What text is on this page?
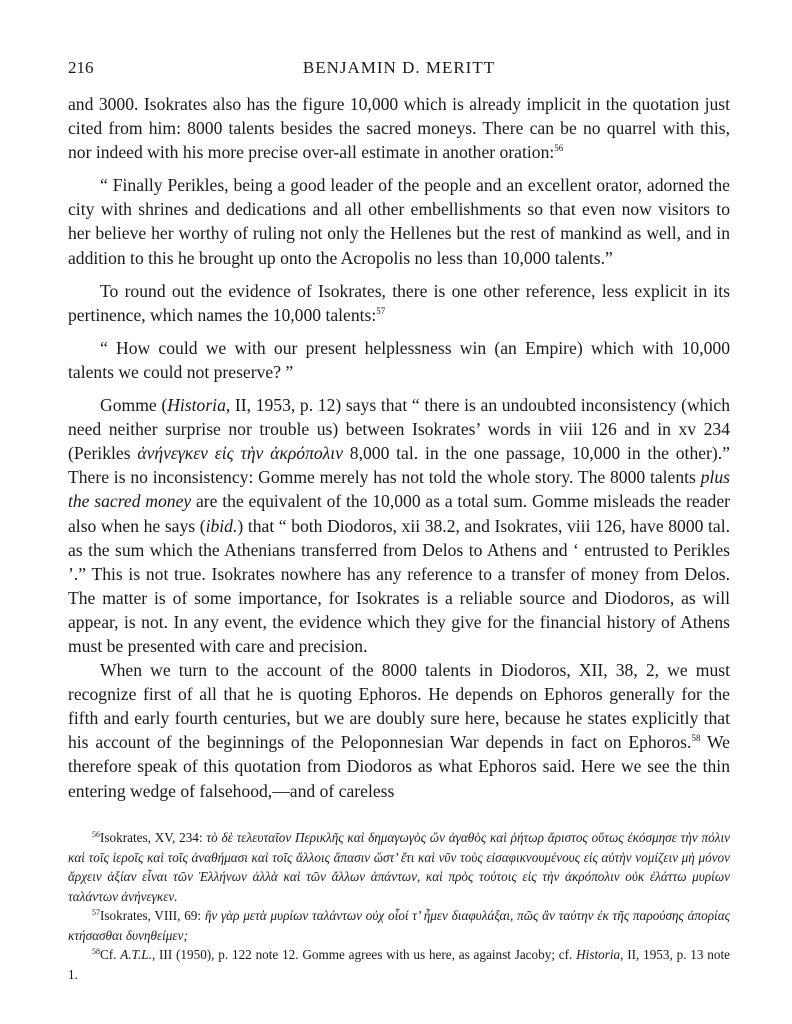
216	BENJAMIN D. MERITT

and 3000. Isokrates also has the figure 10,000 which is already implicit in the quotation just cited from him: 8000 talents besides the sacred moneys. There can be no quarrel with this, nor indeed with his more precise over-all estimate in another oration:$^{56}$

“ Finally Perikles, being a good leader of the people and an excellent orator, adorned the city with shrines and dedications and all other embellishments so that even now visitors to her believe her worthy of ruling not only the Hellenes but the rest of mankind as well, and in addition to this he brought up onto the Acropolis no less than 10,000 talents.”

To round out the evidence of Isokrates, there is one other reference, less explicit in its pertinence, which names the 10,000 talents:$^{57}$

“ How could we with our present helplessness win (an Empire) which with 10,000 talents we could not preserve? ”

Gomme (Historia, II, 1953, p. 12) says that “ there is an undoubted inconsistency (which need neither surprise nor trouble us) between Isokrates’ words in viii 126 and in xv 234 (Perikles ἀνήνεγκεν εἰς τὴν ἀκρόπολιν 8,000 tal. in the one passage, 10,000 in the other).” There is no inconsistency: Gomme merely has not told the whole story. The 8000 talents plus the sacred money are the equivalent of the 10,000 as a total sum. Gomme misleads the reader also when he says (ibid.) that “ both Diodoros, xii 38.2, and Isokrates, viii 126, have 8000 tal. as the sum which the Athenians transferred from Delos to Athens and ‘ entrusted to Perikles ’.” This is not true. Isokrates nowhere has any reference to a transfer of money from Delos. The matter is of some importance, for Isokrates is a reliable source and Diodoros, as will appear, is not. In any event, the evidence which they give for the financial history of Athens must be presented with care and precision.

When we turn to the account of the 8000 talents in Diodoros, XII, 38, 2, we must recognize first of all that he is quoting Ephoros. He depends on Ephoros generally for the fifth and early fourth centuries, but we are doubly sure here, because he states explicitly that his account of the beginnings of the Peloponnesian War depends in fact on Ephoros.$^{58}$ We therefore speak of this quotation from Diodoros as what Ephoros said. Here we see the thin entering wedge of falsehood,—and of careless

$^{56}$Isokrates, XV, 234: τὸ δὲ τελευταῖον Περικλῆς καὶ δημαγωγὸς ὤν ἀγαθὸς καὶ ῥήτωρ ἄριστος οὕτως ἐκόσμησε τὴν πόλιν καὶ τοῖς ἱεροῖς καὶ τοῖς ἀναθήμασι καὶ τοῖς ἄλλοις ἅπασιν ὥστ’ ἔτι καὶ νῦν τοὺς εἰσαφικνουμένους εἰς αὐτὴν νομίζειν μὴ μόνον ἄρχειν ἀξίαν εἶναι τῶν Ἑλλήνων ἀλλὰ καὶ τῶν ἄλλων ἁπάντων, καὶ πρὸς τούτοις εἰς τὴν ἀκρόπολιν οὐκ ἐλάττω μυρίων ταλάντων ἀνήνεγκεν.

$^{57}$Isokrates, VIII, 69: ἢν γὰρ μετὰ μυρίων ταλάντων οὐχ οἷοί τ’ ἦμεν διαφυλάξαι, πῶς ἂν ταύτην ἐκ τῆς παρούσης ἀπορίας κτήσασθαι δυνηθείμεν;

$^{58}$Cf. A.T.L., III (1950), p. 122 note 12. Gomme agrees with us here, as against Jacoby; cf. Historia, II, 1953, p. 13 note 1.
